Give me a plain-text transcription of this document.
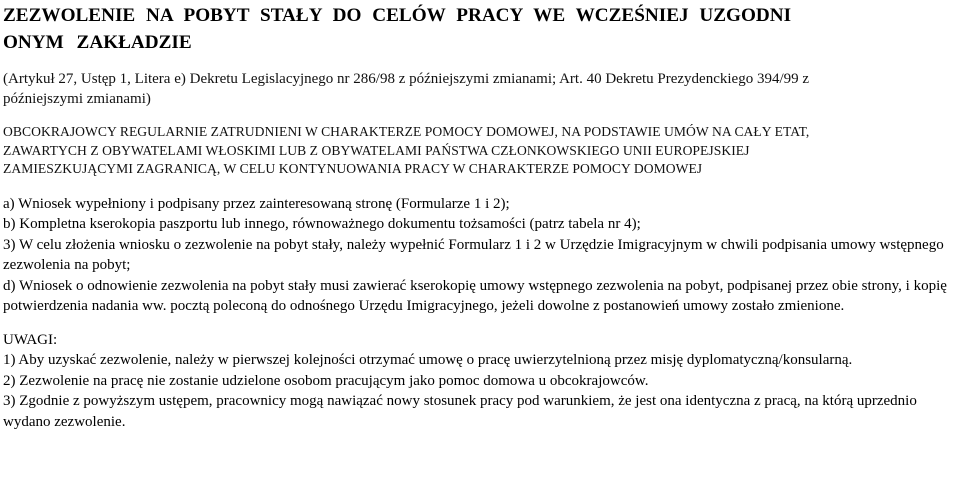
ZEZWOLENIE NA POBYT STAŁY DO CELÓW PRACY WE WCZEŚNIEJ UZGODNI
ONYM ZAKŁADZIE
(Artykuł 27, Ustęp 1, Litera e) Dekretu Legislacyjnego nr 286/98 z późniejszymi zmianami; Art. 40 Dekretu Prezydenckiego 394/99 z
późniejszymi zmianami)
OBCOKRAJOWCY REGULARNIE ZATRUDNIENI W CHARAKTERZE POMOCY DOMOWEJ, NA PODSTAWIE UMÓW NA CAŁY ETAT,
ZAWARTYCH Z OBYWATELAMI WŁOSKIMI LUB Z OBYWATELAMI PAŃSTWA CZŁONKOWSKIEGO UNII EUROPEJSKIEJ
ZAMIESZKUJĄCYMI ZAGRANICĄ, W CELU KONTYNUOWANIA PRACY W CHARAKTERZE POMOCY DOMOWEJ

a) Wniosek wypełniony i podpisany przez zainteresowaną stronę (Formularze 1 i 2);

b) Kompletna kserokopia paszportu lub innego, równoważnego dokumentu tożsamości (patrz tabela nr 4);

3) W celu złożenia wniosku o zezwolenie na pobyt stały, należy wypełnić Formularz 1 i 2 w Urzędzie Imigracyjnym w chwili podpisania umowy wstępnego zezwolenia na pobyt;

d) Wniosek o odnowienie zezwolenia na pobyt stały musi zawierać kserokopię umowy wstępnego zezwolenia na pobyt, podpisanej przez obie strony, i kopię potwierdzenia nadania ww. pocztą poleconą do odnośnego Urzędu Imigracyjnego, jeżeli dowolne z postanowień umowy zostało zmienione.

UWAGI:

1) Aby uzyskać zezwolenie, należy w pierwszej kolejności otrzymać umowę o pracę uwierzytelnioną przez misję dyplomatyczną/konsularną.

2) Zezwolenie na pracę nie zostanie udzielone osobom pracującym jako pomoc domowa u obcokrajowców.

3) Zgodnie z powyższym ustępem, pracownicy mogą nawiązać nowy stosunek pracy pod warunkiem, że jest ona identyczna z pracą, na którą uprzednio wydano zezwolenie.
